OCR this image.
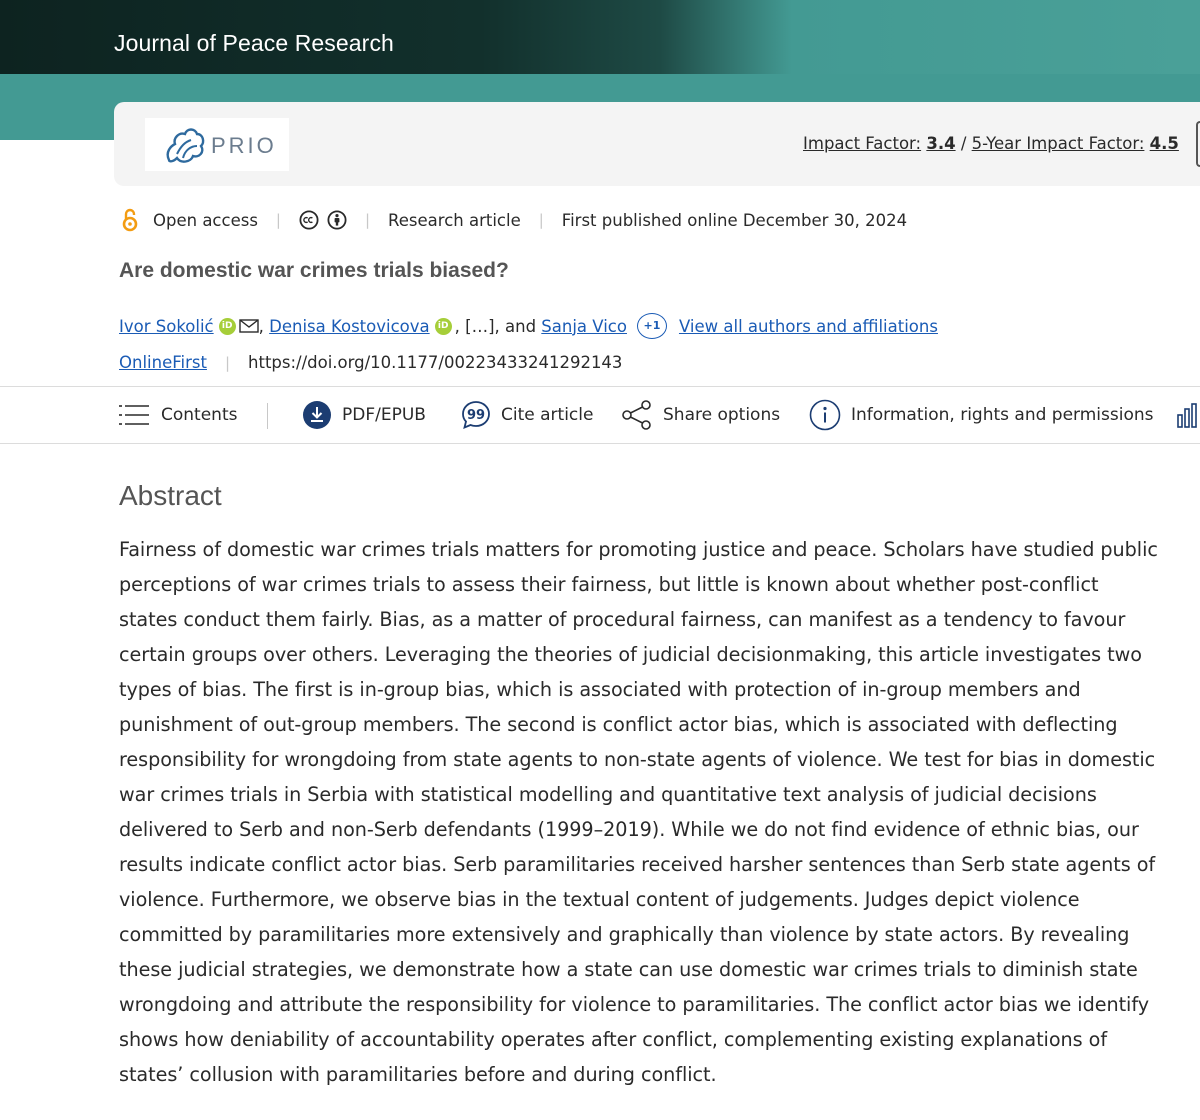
Journal of Peace Research
PRIO	Impact Factor: 3.4 / 5-Year Impact Factor: 4.5
Open access |	| Research article | First published online December 30, 2024
Are domestic war crimes trials biased?
Ivor Sokolić iD , Denisa Kostovicova iD , […], and Sanja Vico	+1	View all authors and affiliations
OnlineFirst | https://doi.org/10.1177/00223433241292143
Contents	PDF/EPUB	99 Cite article	Share options	Information, rights and permissions
Abstract

Fairness of domestic war crimes trials matters for promoting justice and peace. Scholars have studied public perceptions of war crimes trials to assess their fairness, but little is known about whether post-conflict states conduct them fairly. Bias, as a matter of procedural fairness, can manifest as a tendency to favour certain groups over others. Leveraging the theories of judicial decisionmaking, this article investigates two types of bias. The first is in-group bias, which is associated with protection of in-group members and punishment of out-group members. The second is conflict actor bias, which is associated with deflecting responsibility for wrongdoing from state agents to non-state agents of violence. We test for bias in domestic war crimes trials in Serbia with statistical modelling and quantitative text analysis of judicial decisions delivered to Serb and non-Serb defendants (1999–2019). While we do not find evidence of ethnic bias, our results indicate conflict actor bias. Serb paramilitaries received harsher sentences than Serb state agents of violence. Furthermore, we observe bias in the textual content of judgements. Judges depict violence committed by paramilitaries more extensively and graphically than violence by state actors. By revealing these judicial strategies, we demonstrate how a state can use domestic war crimes trials to diminish state wrongdoing and attribute the responsibility for violence to paramilitaries. The conflict actor bias we identify shows how deniability of accountability operates after conflict, complementing existing explanations of states’ collusion with paramilitaries before and during conflict.
